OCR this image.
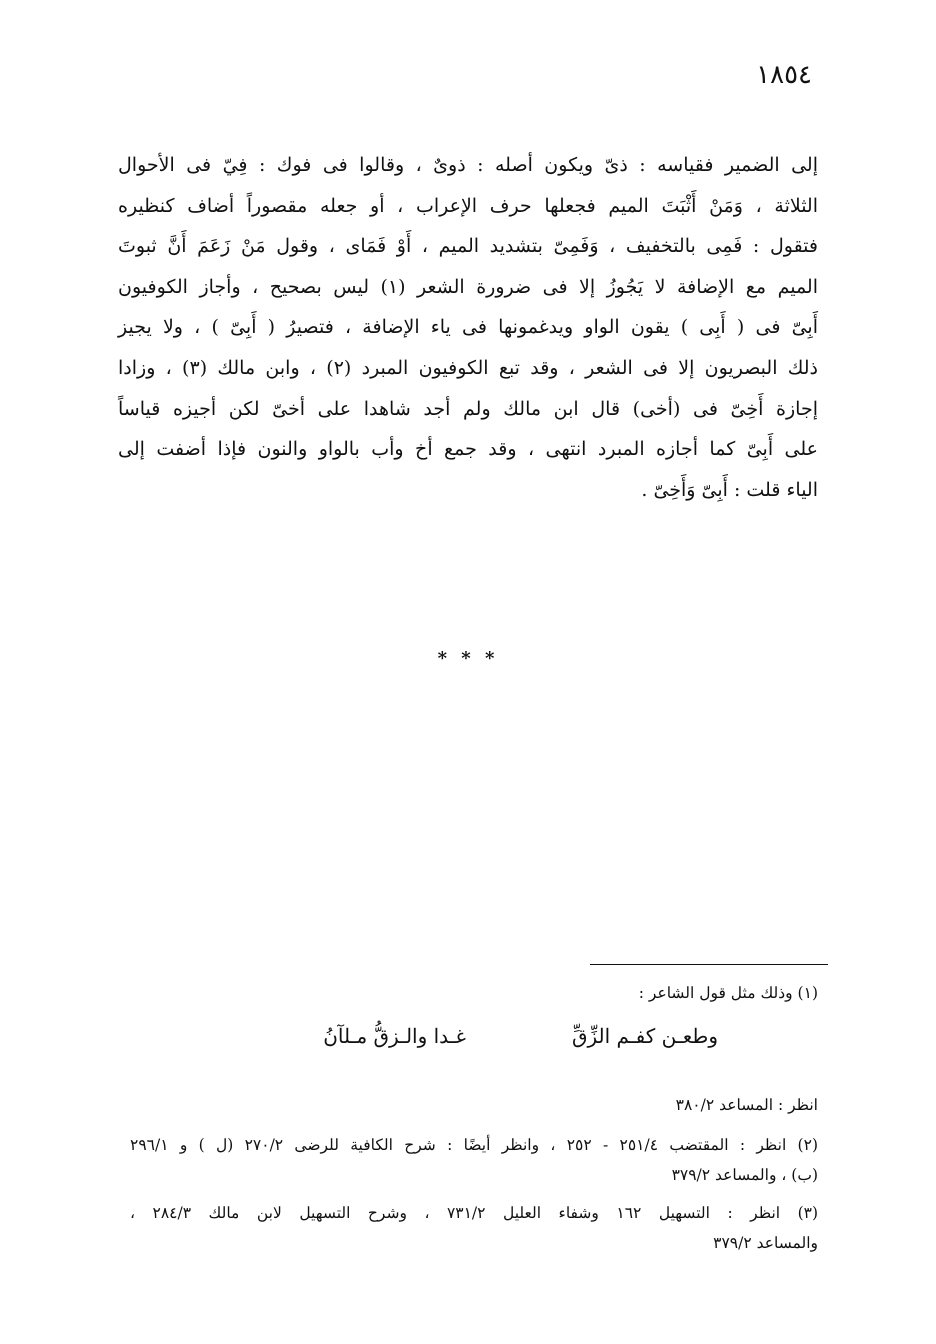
١٨٥٤
إلى الضمير فقياسه : ذىّ ويكون أصله : ذوىٌ ، وقالوا فى فوك : فِيّ فى الأحوال
الثلاثة ، وَمَنْ أَثْبَتَ الميم فجعلها حرف الإعراب ، أو جعله مقصوراً أضاف كنظيره
فتقول : فَمِى بالتخفيف ، وَفَمِىّ بتشديد الميم ، أَوْ فَمَاى ، وقول مَنْ زَعَمَ أَنَّ ثبوتَ
الميم مع الإضافة لا يَجُوزُ إلا فى ضرورة الشعر (١) ليس بصحيح ، وأجاز الكوفيون
أَبِىّ فى ( أَبِى ) يقون الواو ويدغمونها فى ياء الإضافة ، فتصيرُ ( أَبِىّ ) ، ولا يجيز
ذلك البصريون إلا فى الشعر ، وقد تبع الكوفيون المبرد (٢) ، وابن مالك (٣) ، وزادا
إجازة أَخِىّ فى (أخى) قال ابن مالك ولم أجد شاهدا على أخىّ لكن أجيزه قياساً
على أَبِىّ كما أجازه المبرد انتهى ، وقد جمع أخ وأب بالواو والنون فإذا أضفت إلى
الياء قلت : أَبِىّ وَأَخِىّ .
* * *
(١) وذلك مثل قول الشاعر :
وطعـن كفـم الزِّقِّ
غـدا والـزقُّ مـلآنُ
انظر : المساعد ٣٨٠/٢
(٢) انظر : المقتضب ٢٥١/٤ - ٢٥٢ ، وانظر أيضًا : شرح الكافية للرضى ٢٧٠/٢ (ل ) و ٢٩٦/١
(ب) ، والمساعد ٣٧٩/٢
(٣) انظر : التسهيل ١٦٢ وشفاء العليل ٧٣١/٢ ، وشرح التسهيل لابن مالك ٢٨٤/٣ ،
والمساعد ٣٧٩/٢
